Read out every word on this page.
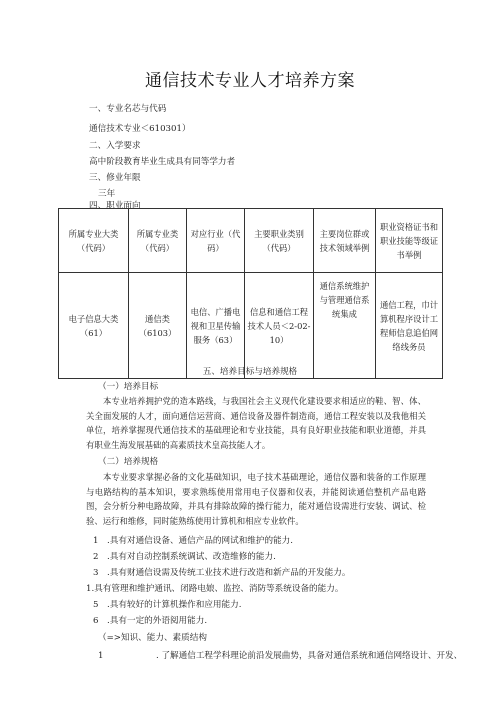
通信技术专业人才培养方案
一、专业名芯与代码
通信技术专业＜610301）
二、入学要求
高中阶段教育毕业生成具有同等学力者
三、修业年限
三年
四、职业面向
所属专业大类（代码）	所属专业类（代码）	对应行业（代码）	主要职业类别（代码）	主要岗位群或技术领域举例	职业资格证书和职业技能等级证书举例
电子信息大类（61）	通信类（6103）	电信、广播电视和卫星传输服务（63）	信息和通信工程技术人员＜2-02-10）	通信系统维护与管理通信系统集成	通信工程，巾计算机程序设计工程师信息追伯网 络线务员
五、培养目标与培养规格
（一）培养目标
本专业培养拥护党的造本路线，与我国社会主义现代化建设要求相适应的鞋、智、体、关全面发展的人才，面向通信运营商、通信设备及器件制造商，通信工程安装以及我他相关单位，培养掌握现代通信技术的基础理论和专业技能，具有良好职业技能和职业道德，并具有职业生海发展基础的高素质技术皇高技能人才。
（二）培养规格
本专业要求掌握必备的文化基础知识，电子技术基础理论，通信仪器和装备的工作原理与电路结构的基本知识，要求熟练使用常用电子仪器和仪表，并能阅读通信整机产品电路图，会分析分种电路故障，并具有排除故障的操行能力，能对通信设需进行安装、调试、检验、运行和维修，同时能熟练使用计算机和相应专业软件。
1　.具有对通信设备、通信产品的网试和维护的能力.
2　.具有对自动控制系统调试、改造维修的能力.
3　.具有财通信设需及传统工业技术进行改造和新产品的开发能力。
1.具有管理和维护通讯、闭路电娘、监控、消防等系统设备的能力。
5　.具有较好的计算机操作和应用能力.
6　.具有一定的外语阅用能力.
（=>知识、能力、素质结构
1	. 了解通信工程学科理论前沿发展曲势，具备对通信系统和通信网络设计、开发、
